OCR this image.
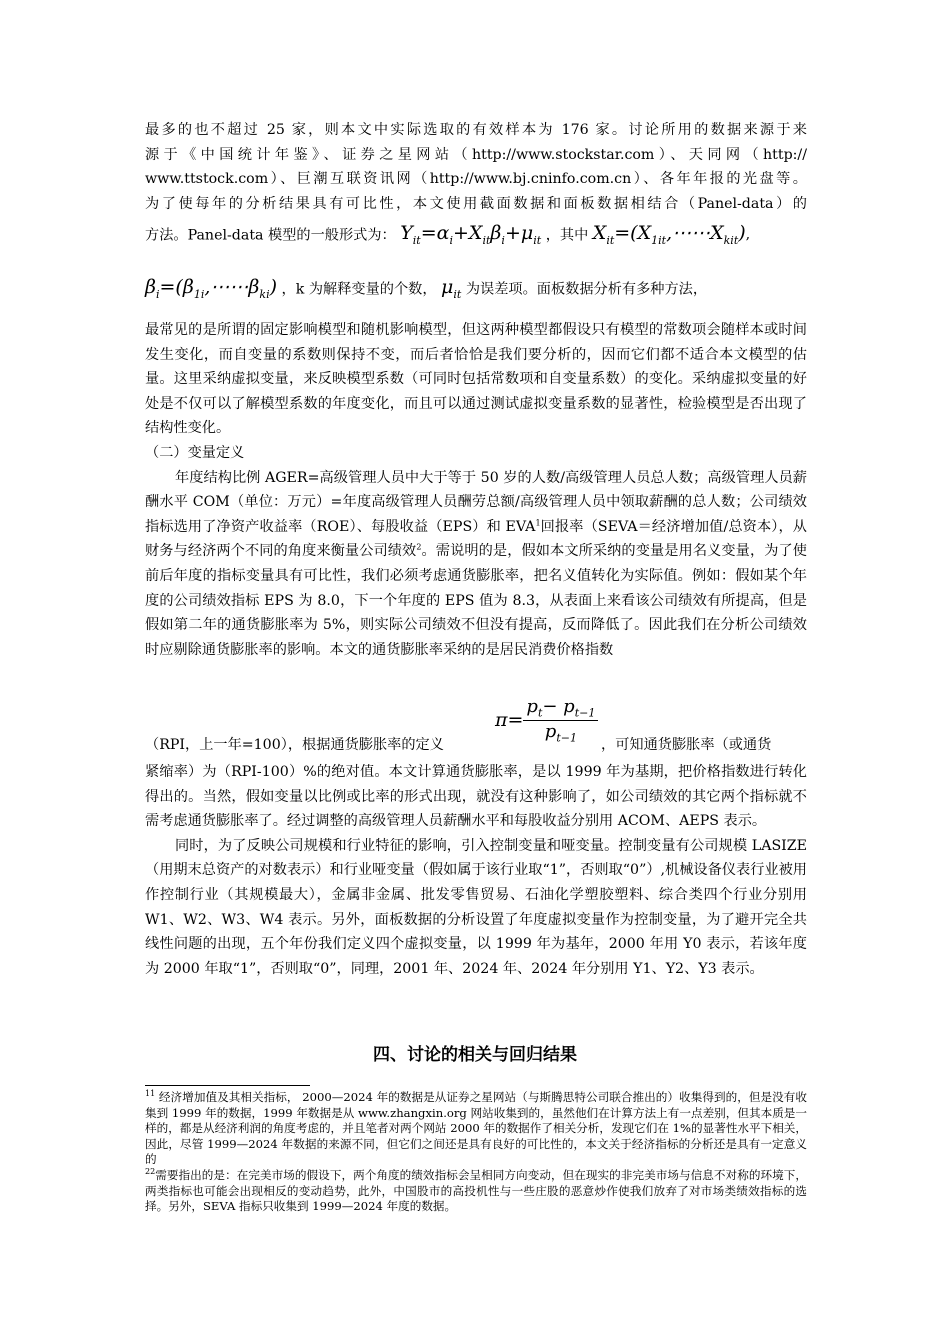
最多的也不超过 25 家，则本文中实际选取的有效样本为 176 家。讨论所用的数据来源于来

源于《中国统计年鉴》、证券之星网站（http://www.stockstar.com）、天同网（http://

www.ttstock.com）、巨潮互联资讯网（http://www.bj.cninfo.com.cn）、各年年报的光盘等。

为了使每年的分析结果具有可比性，本文使用截面数据和面板数据相结合（Panel-data）的

方法。Panel-data 模型的一般形式为： $Y_{it}=\alpha_i+X_{it}\beta_i+\mu_{it}$ ，其中 $X_{it}=(X_{1it},\cdots\cdots X_{kit})$,
$\beta_i=(\beta_{1i},\cdots\cdots\beta_{ki})$ ，k 为解释变量的个数， $\mu_{it}$ 为误差项。面板数据分析有多种方法，

最常见的是所谓的固定影响模型和随机影响模型，但这两种模型都假设只有模型的常数项会随样本或时间发生变化，而自变量的系数则保持不变，而后者恰恰是我们要分析的，因而它们都不适合本文模型的估量。这里采纳虚拟变量，来反映模型系数（可同时包括常数项和自变量系数）的变化。采纳虚拟变量的好处是不仅可以了解模型系数的年度变化，而且可以通过测试虚拟变量系数的显著性，检验模型是否出现了结构性变化。

（二）变量定义

年度结构比例 AGER=高级管理人员中大于等于 50 岁的人数/高级管理人员总人数；高级管理人员薪酬水平 COM（单位：万元）=年度高级管理人员酬劳总额/高级管理人员中领取薪酬的总人数；公司绩效指标选用了净资产收益率（ROE）、每股收益（EPS）和 EVA$^1$回报率（SEVA＝经济增加值/总资本），从财务与经济两个不同的角度来衡量公司绩效$^2$。需说明的是，假如本文所采纳的变量是用名义变量，为了使前后年度的指标变量具有可比性，我们必须考虑通货膨胀率，把名义值转化为实际值。例如：假如某个年度的公司绩效指标 EPS 为 8.0，下一个年度的 EPS 值为 8.3，从表面上来看该公司绩效有所提高，但是假如第二年的通货膨胀率为 5%，则实际公司绩效不但没有提高，反而降低了。因此我们在分析公司绩效时应剔除通货膨胀率的影响。本文的通货膨胀率采纳的是居民消费价格指数

（RPI，上一年=100），根据通货膨胀率的定义
$\pi= \frac{p_t- p_{t-1}}{p_{t-1}}$
，可知通货膨胀率（或通货

紧缩率）为（RPI-100）%的绝对值。本文计算通货膨胀率，是以 1999 年为基期，把价格指数进行转化得出的。当然，假如变量以比例或比率的形式出现，就没有这种影响了，如公司绩效的其它两个指标就不需考虑通货膨胀率了。经过调整的高级管理人员薪酬水平和每股收益分别用 ACOM、AEPS 表示。

同时，为了反映公司规模和行业特征的影响，引入控制变量和哑变量。控制变量有公司规模 LASIZE（用期末总资产的对数表示）和行业哑变量（假如属于该行业取“1”，否则取“0”）,机械设备仪表行业被用作控制行业（其规模最大），金属非金属、批发零售贸易、石油化学塑胶塑料、综合类四个行业分别用 W1、W2、W3、W4 表示。另外，面板数据的分析设置了年度虚拟变量作为控制变量，为了避开完全共线性问题的出现，五个年份我们定义四个虚拟变量，以 1999 年为基年，2000 年用 Y0 表示，若该年度为 2000 年取“1”，否则取“0”，同理，2001 年、2024 年、2024 年分别用 Y1、Y2、Y3 表示。

四、讨论的相关与回归结果

$^{11}$ 经济增加值及其相关指标， 2000—2024 年的数据是从证券之星网站（与斯腾思特公司联合推出的）收集得到的，但是没有收集到 1999 年的数据，1999 年数据是从 www.zhangxin.org 网站收集到的，虽然他们在计算方法上有一点差别，但其本质是一样的，都是从经济利润的角度考虑的，并且笔者对两个网站 2000 年的数据作了相关分析，发现它们在 1%的显著性水平下相关，因此，尽管 1999—2024 年数据的来源不同，但它们之间还是具有良好的可比性的，本文关于经济指标的分析还是具有一定意义的

$^{22}$需要指出的是：在完美市场的假设下，两个角度的绩效指标会呈相同方向变动，但在现实的非完美市场与信息不对称的环境下，两类指标也可能会出现相反的变动趋势，此外，中国股市的高投机性与一些庄股的恶意炒作使我们放弃了对市场类绩效指标的选择。另外，SEVA 指标只收集到 1999—2024 年度的数据。
